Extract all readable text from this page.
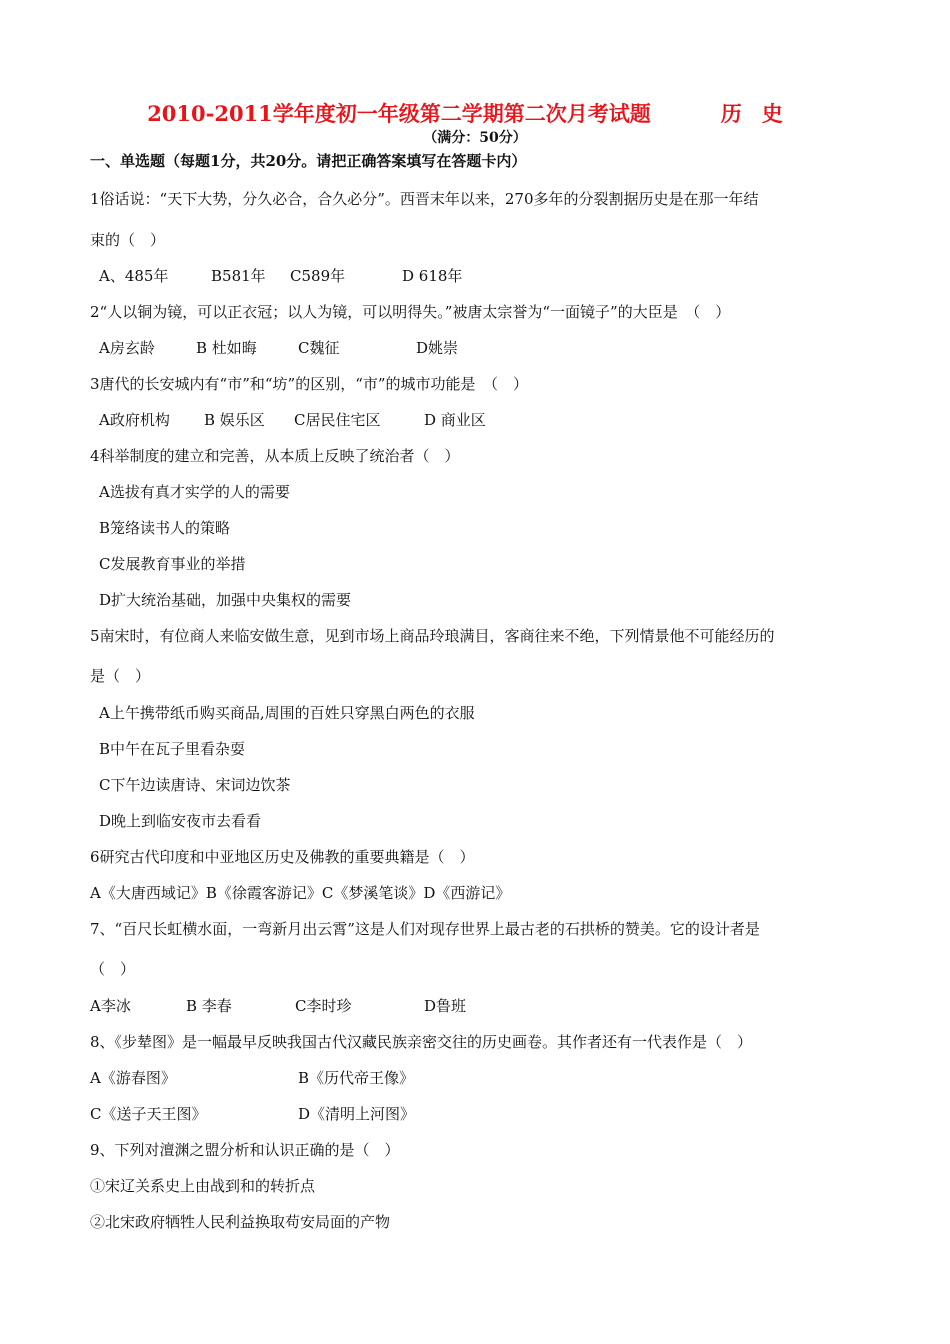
2010-2011学年度初一年级第二学期第二次月考试题	历史
（满分：50分）
一、单选题（每题1分，共20分。请把正确答案填写在答题卡内）
1俗话说：“天下大势，分久必合，合久必分”。西晋末年以来，270多年的分裂割据历史是在那一年结
束的（　）
A、485年	B581年 C589年	D 618年
2“人以铜为镜，可以正衣冠；以人为镜，可以明得失。”被唐太宗誉为“一面镜子”的大臣是　（　）
A房玄龄	B 杜如晦	C魏征	D姚崇
3唐代的长安城内有“市”和“坊”的区别，“市”的城市功能是　（　）
A政府机构 B 娱乐区 C居民住宅区	D 商业区
4科举制度的建立和完善，从本质上反映了统治者（　）
A选拔有真才实学的人的需要
B笼络读书人的策略
C发展教育事业的举措
D扩大统治基础，加强中央集权的需要
5南宋时，有位商人来临安做生意，见到市场上商品玲琅满目，客商往来不绝，下列情景他不可能经历的
是（　）
A上午携带纸币购买商品,周围的百姓只穿黑白两色的衣服
B中午在瓦子里看杂耍
C下午边读唐诗、宋词边饮茶
D晚上到临安夜市去看看
6研究古代印度和中亚地区历史及佛教的重要典籍是（　）
A《大唐西域记》B《徐霞客游记》C《梦溪笔谈》D《西游记》
7、“百尺长虹横水面，一弯新月出云霄”这是人们对现存世界上最古老的石拱桥的赞美。它的设计者是
（　）
A李冰	B 李春	C李时珍	D鲁班
8、《步辇图》是一幅最早反映我国古代汉藏民族亲密交往的历史画卷。其作者还有一代表作是（　）
A《游春图》	B《历代帝王像》
C《送子天王图》	D《清明上河图》
9、下列对澶渊之盟分析和认识正确的是（　）
①宋辽关系史上由战到和的转折点
②北宋政府牺牲人民利益换取苟安局面的产物
